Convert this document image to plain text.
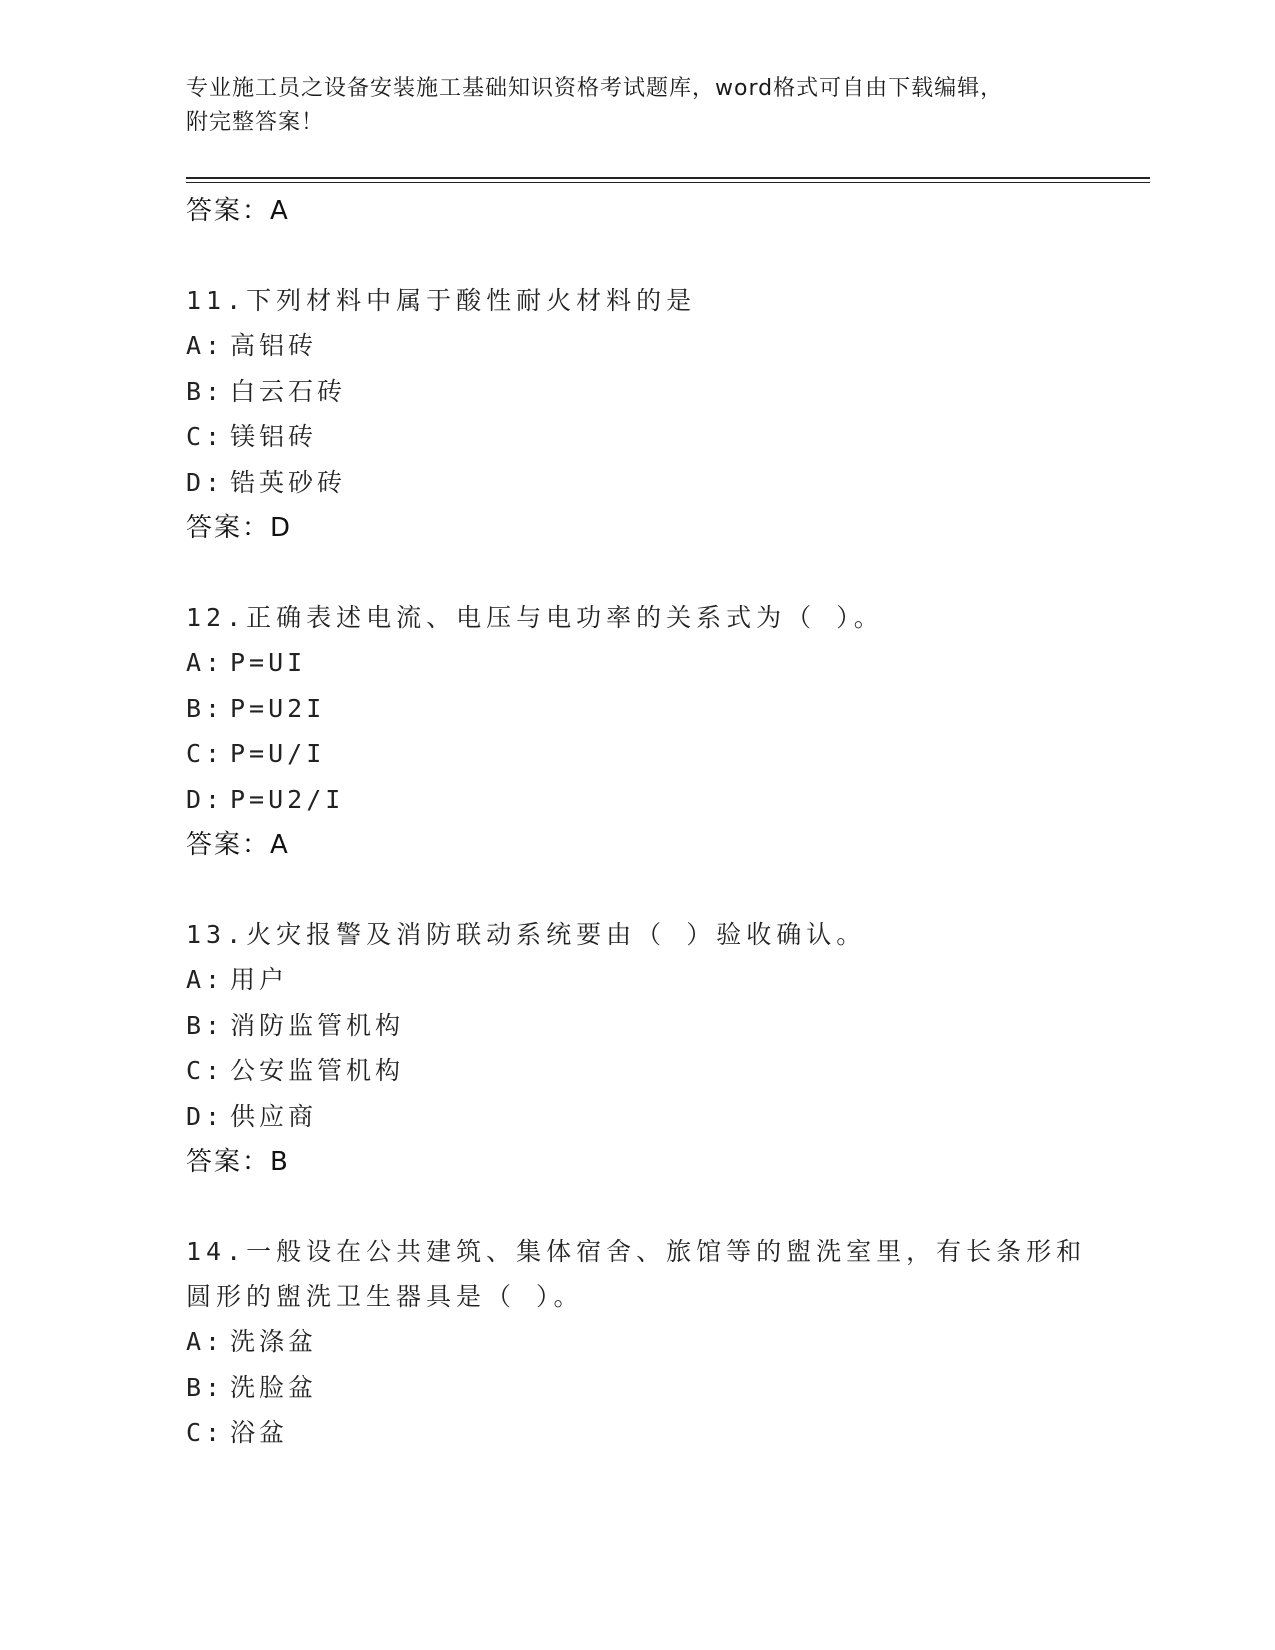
专业施工员之设备安装施工基础知识资格考试题库，word格式可自由下载编辑，
附完整答案！
答案：A
11.下列材料中属于酸性耐火材料的是
A: 高铝砖
B: 白云石砖
C: 镁铝砖
D: 锆英砂砖
答案：D
12.正确表述电流、电压与电功率的关系式为（ ）。
A: P=UI
B: P=U2I
C: P=U/I
D: P=U2/I
答案：A
13.火灾报警及消防联动系统要由（ ）验收确认。
A: 用户
B: 消防监管机构
C: 公安监管机构
D: 供应商
答案：B
14.一般设在公共建筑、集体宿舍、旅馆等的盥洗室里，有长条形和圆形的盥洗卫生器具是（ ）。
A: 洗涤盆
B: 洗脸盆
C: 浴盆
